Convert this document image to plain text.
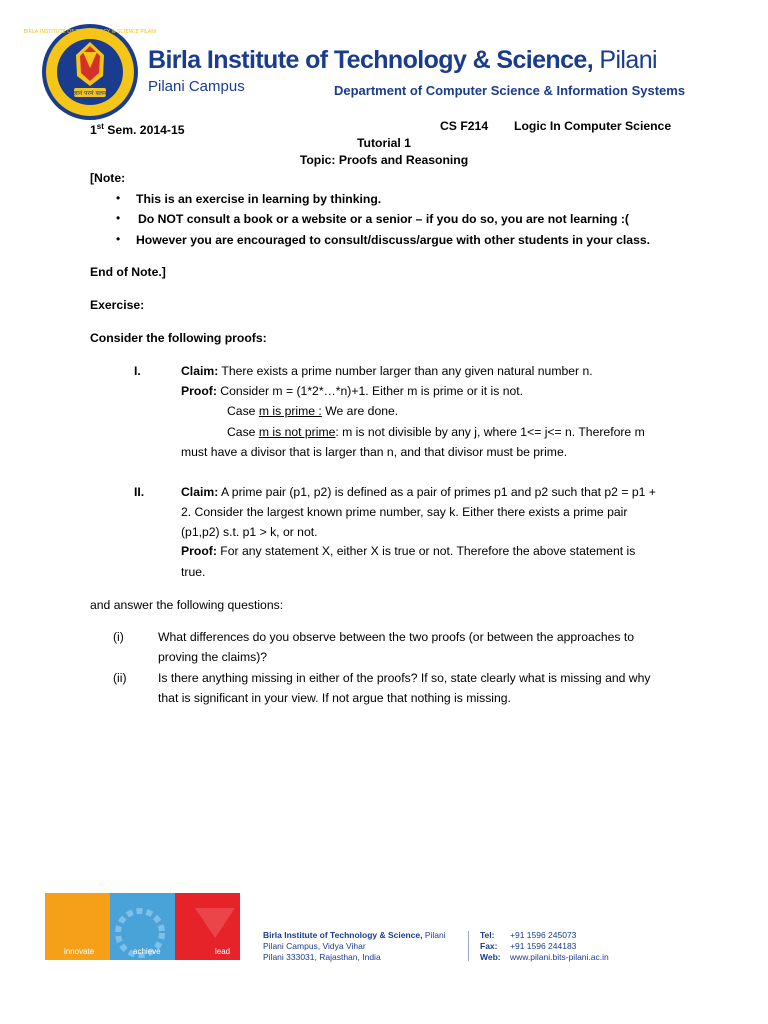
ज्ञानं परमं बलम्
BIRLA INSTITUTE OF TECHNOLOGY & SCIENCE PILANI
Birla Institute of Technology & Science, Pilani
Pilani Campus	Department of Computer Science & Information Systems
1st Sem. 2014-15	CS F214 Logic In Computer Science
Tutorial 1
Topic: Proofs and Reasoning
[Note:
• This is an exercise in learning by thinking.
• Do NOT consult a book or a website or a senior – if you do so, you are not learning :(
• However you are encouraged to consult/discuss/argue with other students in your class.
End of Note.]
Exercise:
Consider the following proofs:
I.	Claim: There exists a prime number larger than any given natural number n.
Proof: Consider m = (1*2*…*n)+1. Either m is prime or it is not.
Case m is prime : We are done.
Case m is not prime: m is not divisible by any j, where 1<= j<= n. Therefore m
must have a divisor that is larger than n, and that divisor must be prime.
II.	Claim: A prime pair (p1, p2) is defined as a pair of primes p1 and p2 such that p2 = p1 +
2. Consider the largest known prime number, say k. Either there exists a prime pair
(p1,p2) s.t. p1 > k, or not.
Proof: For any statement X, either X is true or not. Therefore the above statement is
true.
and answer the following questions:
(i)	What differences do you observe between the two proofs (or between the approaches to
proving the claims)?
(ii)	Is there anything missing in either of the proofs? If so, state clearly what is missing and why
that is significant in your view. If not argue that nothing is missing.
innovate	achieve	lead
Birla Institute of Technology & Science, Pilani
Pilani Campus, Vidya Vihar
Pilani 333031, Rajasthan, India
Tel: +91 1596 245073
Fax: +91 1596 244183
Web: www.pilani.bits-pilani.ac.in
